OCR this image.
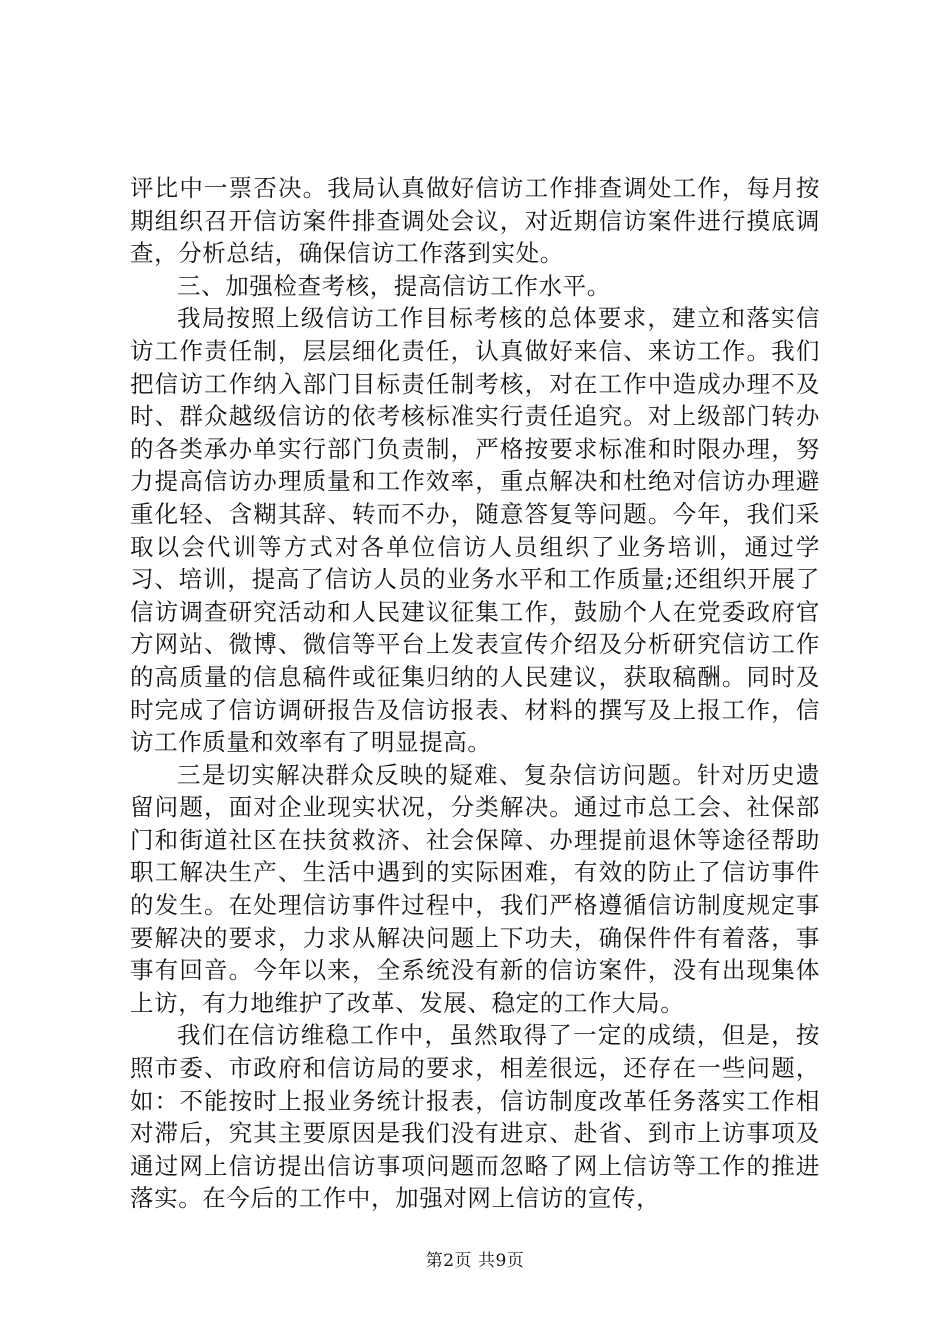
评比中一票否决。我局认真做好信访工作排查调处工作，每月按期组织召开信访案件排查调处会议，对近期信访案件进行摸底调查，分析总结，确保信访工作落到实处。

三、加强检查考核，提高信访工作水平。

我局按照上级信访工作目标考核的总体要求，建立和落实信访工作责任制，层层细化责任，认真做好来信、来访工作。我们把信访工作纳入部门目标责任制考核，对在工作中造成办理不及时、群众越级信访的依考核标准实行责任追究。对上级部门转办的各类承办单实行部门负责制，严格按要求标准和时限办理，努力提高信访办理质量和工作效率，重点解决和杜绝对信访办理避重化轻、含糊其辞、转而不办，随意答复等问题。今年，我们采取以会代训等方式对各单位信访人员组织了业务培训，通过学习、培训，提高了信访人员的业务水平和工作质量;还组织开展了信访调查研究活动和人民建议征集工作，鼓励个人在党委政府官方网站、微博、微信等平台上发表宣传介绍及分析研究信访工作的高质量的信息稿件或征集归纳的人民建议，获取稿酬。同时及时完成了信访调研报告及信访报表、材料的撰写及上报工作，信访工作质量和效率有了明显提高。

三是切实解决群众反映的疑难、复杂信访问题。针对历史遗留问题，面对企业现实状况，分类解决。通过市总工会、社保部门和街道社区在扶贫救济、社会保障、办理提前退休等途径帮助职工解决生产、生活中遇到的实际困难，有效的防止了信访事件的发生。在处理信访事件过程中，我们严格遵循信访制度规定事要解决的要求，力求从解决问题上下功夫，确保件件有着落，事事有回音。今年以来，全系统没有新的信访案件，没有出现集体上访，有力地维护了改革、发展、稳定的工作大局。

我们在信访维稳工作中，虽然取得了一定的成绩，但是，按照市委、市政府和信访局的要求，相差很远，还存在一些问题，如：不能按时上报业务统计报表，信访制度改革任务落实工作相对滞后，究其主要原因是我们没有进京、赴省、到市上访事项及通过网上信访提出信访事项问题而忽略了网上信访等工作的推进落实。在今后的工作中，加强对网上信访的宣传，

第2页 共9页
